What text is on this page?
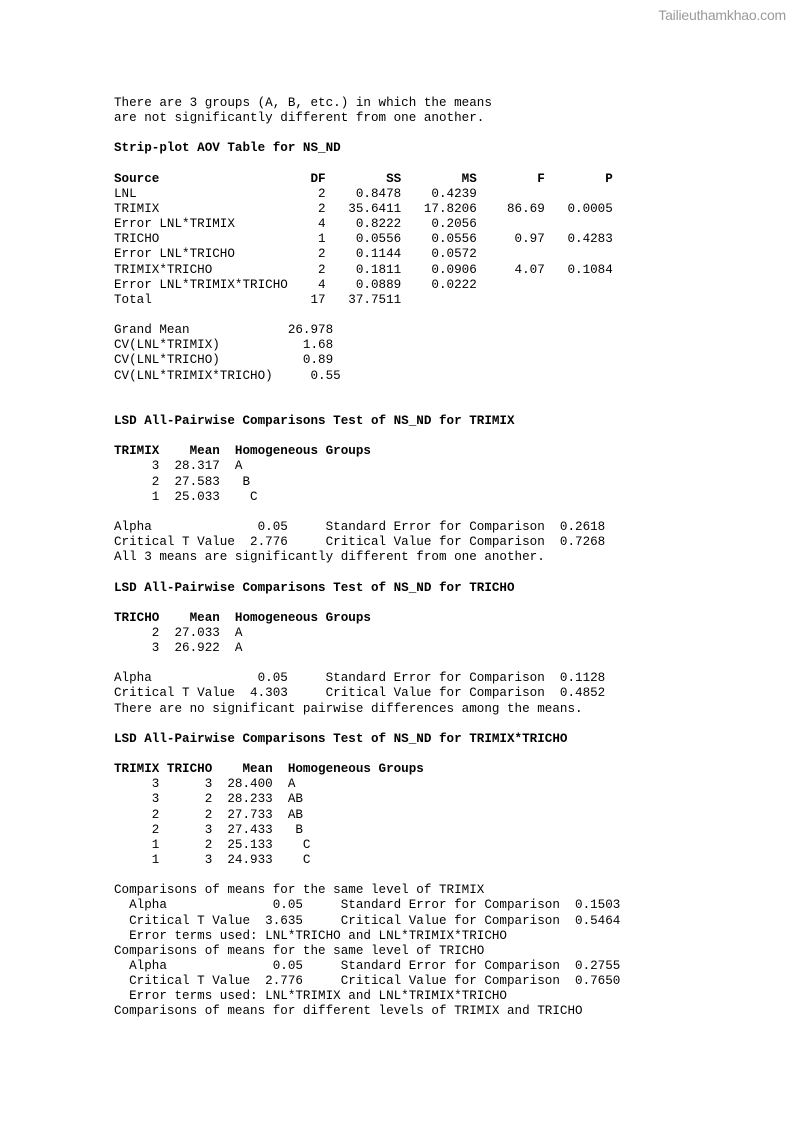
Tailieuthamkhao.com
There are 3 groups (A, B, etc.) in which the means
are not significantly different from one another.
Strip-plot AOV Table for NS_ND
Source                    DF        SS        MS        F        P
LNL                        2    0.8478    0.4239
TRIMIX                     2   35.6411   17.8206    86.69   0.0005
Error LNL*TRIMIX           4    0.8222    0.2056
TRICHO                     1    0.0556    0.0556     0.97   0.4283
Error LNL*TRICHO           2    0.1144    0.0572
TRIMIX*TRICHO              2    0.1811    0.0906     4.07   0.1084
Error LNL*TRIMIX*TRICHO    4    0.0889    0.0222
Total                     17   37.7511
Grand Mean             26.978
CV(LNL*TRIMIX)           1.68
CV(LNL*TRICHO)           0.89
CV(LNL*TRIMIX*TRICHO)     0.55
LSD All-Pairwise Comparisons Test of NS_ND for TRIMIX
TRIMIX    Mean  Homogeneous Groups
3  28.317  A
2  27.583   B
1  25.033    C
Alpha              0.05     Standard Error for Comparison  0.2618
Critical T Value  2.776     Critical Value for Comparison  0.7268
All 3 means are significantly different from one another.
LSD All-Pairwise Comparisons Test of NS_ND for TRICHO
TRICHO    Mean  Homogeneous Groups
2  27.033  A
3  26.922  A
Alpha              0.05     Standard Error for Comparison  0.1128
Critical T Value  4.303     Critical Value for Comparison  0.4852
There are no significant pairwise differences among the means.
LSD All-Pairwise Comparisons Test of NS_ND for TRIMIX*TRICHO
TRIMIX TRICHO    Mean  Homogeneous Groups
3      3  28.400  A
3      2  28.233  AB
2      2  27.733  AB
2      3  27.433   B
1      2  25.133    C
1      3  24.933    C
Comparisons of means for the same level of TRIMIX
Alpha              0.05     Standard Error for Comparison  0.1503
Critical T Value  3.635     Critical Value for Comparison  0.5464
Error terms used: LNL*TRICHO and LNL*TRIMIX*TRICHO
Comparisons of means for the same level of TRICHO
Alpha              0.05     Standard Error for Comparison  0.2755
Critical T Value  2.776     Critical Value for Comparison  0.7650
Error terms used: LNL*TRIMIX and LNL*TRIMIX*TRICHO
Comparisons of means for different levels of TRIMIX and TRICHO
